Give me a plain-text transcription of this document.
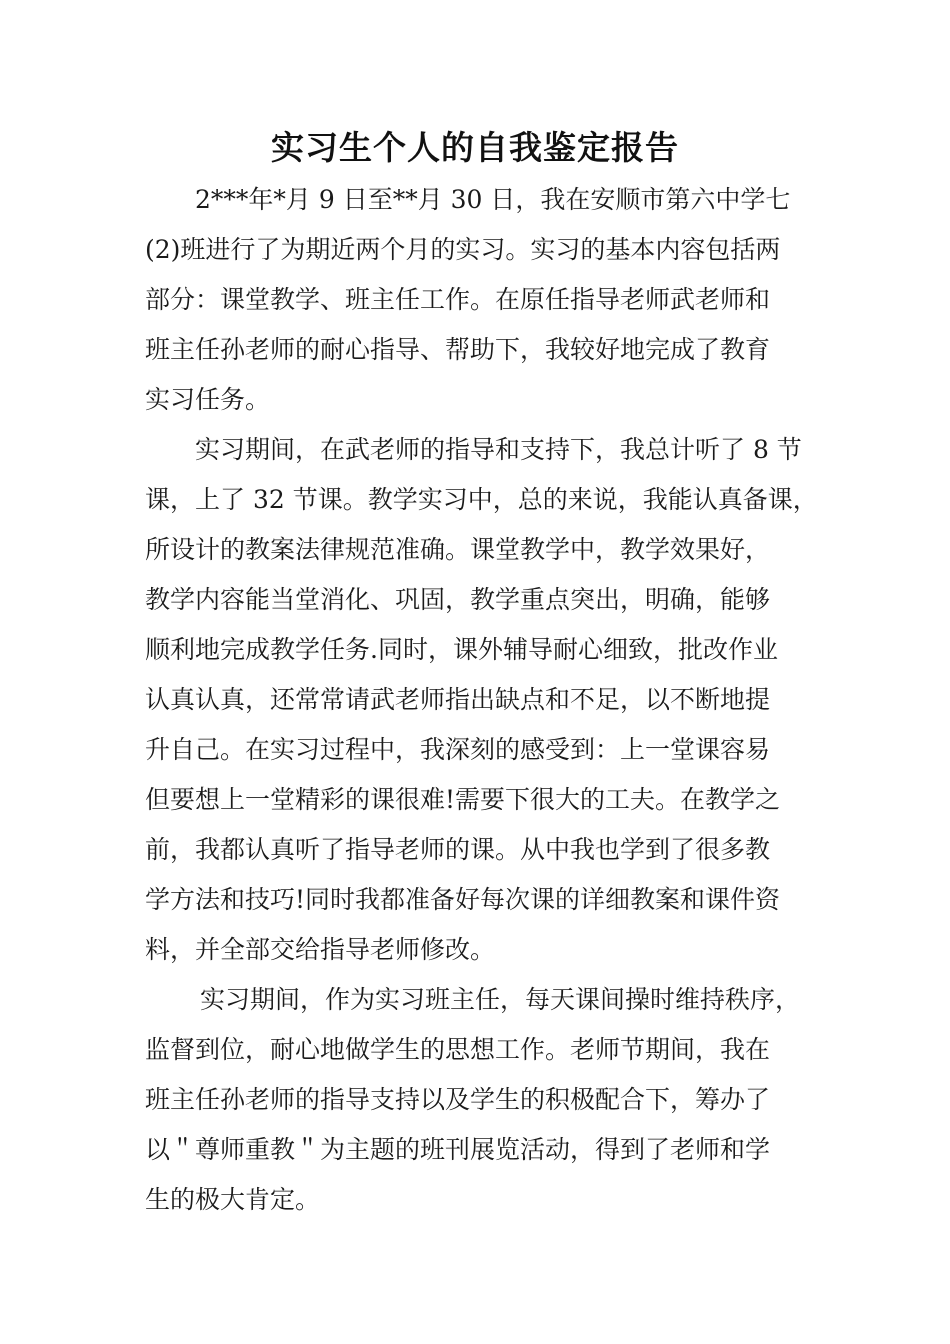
实习生个人的自我鉴定报告
2***年*月 9 日至**月 30 日，我在安顺市第六中学七
(2)班进行了为期近两个月的实习。实习的基本内容包括两
部分：课堂教学、班主任工作。在原任指导老师武老师和
班主任孙老师的耐心指导、帮助下，我较好地完成了教育
实习任务。
实习期间，在武老师的指导和支持下，我总计听了 8 节
课，上了 32 节课。教学实习中，总的来说，我能认真备课，
所设计的教案法律规范准确。课堂教学中，教学效果好，
教学内容能当堂消化、巩固，教学重点突出，明确，能够
顺利地完成教学任务.同时，课外辅导耐心细致，批改作业
认真认真，还常常请武老师指出缺点和不足，以不断地提
升自己。在实习过程中，我深刻的感受到：上一堂课容易
但要想上一堂精彩的课很难!需要下很大的工夫。在教学之
前，我都认真听了指导老师的课。从中我也学到了很多教
学方法和技巧!同时我都准备好每次课的详细教案和课件资
料，并全部交给指导老师修改。
实习期间，作为实习班主任，每天课间操时维持秩序，
监督到位，耐心地做学生的思想工作。老师节期间，我在
班主任孙老师的指导支持以及学生的积极配合下，筹办了
以＂尊师重教＂为主题的班刊展览活动，得到了老师和学
生的极大肯定。
